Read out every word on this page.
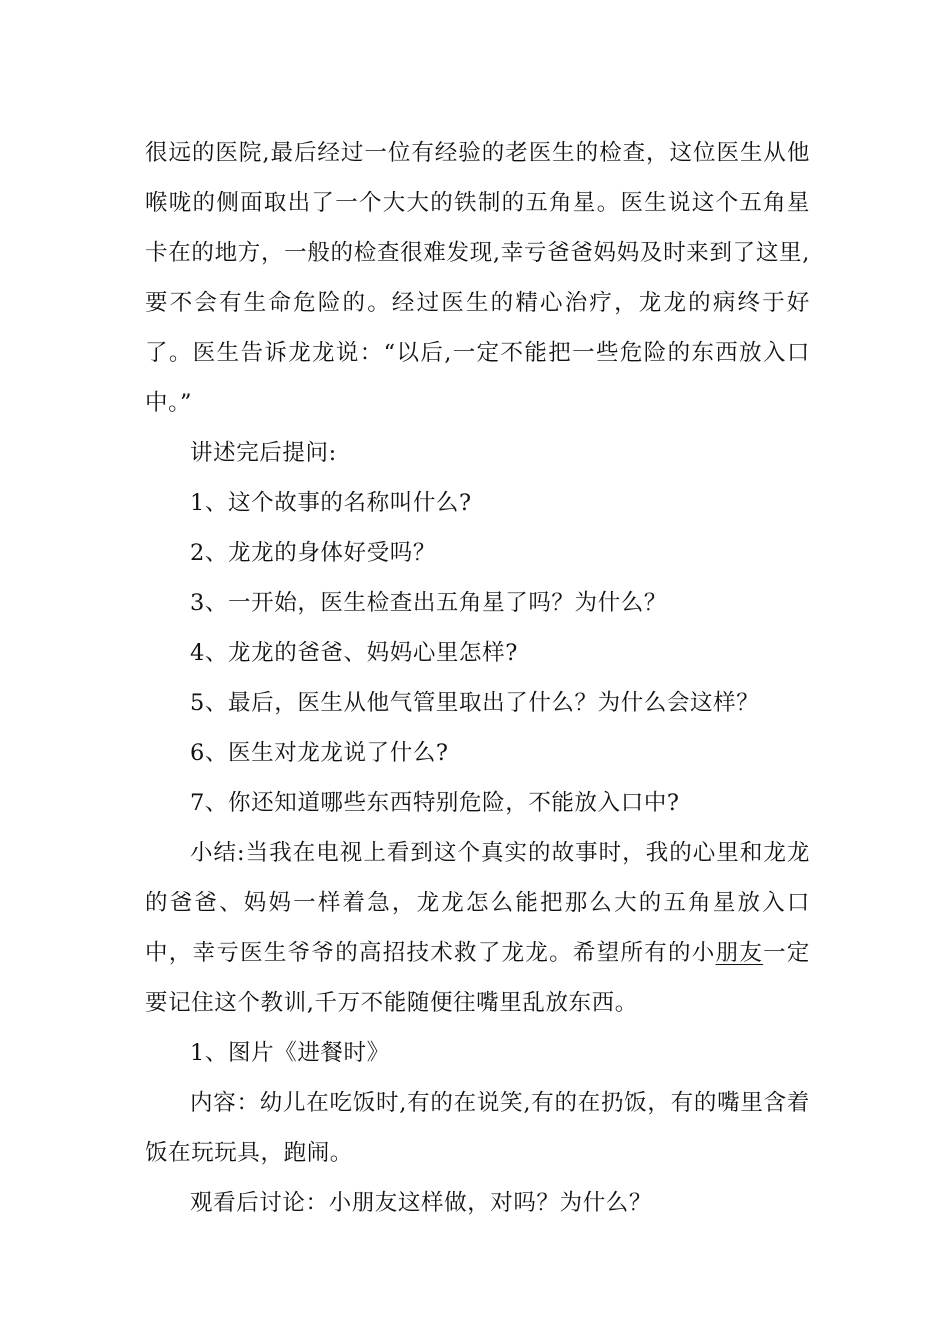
很远的医院,最后经过一位有经验的老医生的检查，这位医生从他喉咙的侧面取出了一个大大的铁制的五角星。医生说这个五角星卡在的地方，一般的检查很难发现,幸亏爸爸妈妈及时来到了这里,要不会有生命危险的。经过医生的精心治疗，龙龙的病终于好了。医生告诉龙龙说：“以后,一定不能把一些危险的东西放入口中。”

讲述完后提问:

1、这个故事的名称叫什么?

2、龙龙的身体好受吗？

3、一开始，医生检查出五角星了吗？为什么？

4、龙龙的爸爸、妈妈心里怎样?

5、最后，医生从他气管里取出了什么？为什么会这样？

6、医生对龙龙说了什么?

7、你还知道哪些东西特别危险，不能放入口中?

小结:当我在电视上看到这个真实的故事时，我的心里和龙龙的爸爸、妈妈一样着急，龙龙怎么能把那么大的五角星放入口中，幸亏医生爷爷的高招技术救了龙龙。希望所有的小朋友一定要记住这个教训,千万不能随便往嘴里乱放东西。

1、图片《进餐时》

内容：幼儿在吃饭时,有的在说笑,有的在扔饭，有的嘴里含着饭在玩玩具，跑闹。

观看后讨论：小朋友这样做，对吗？为什么？
